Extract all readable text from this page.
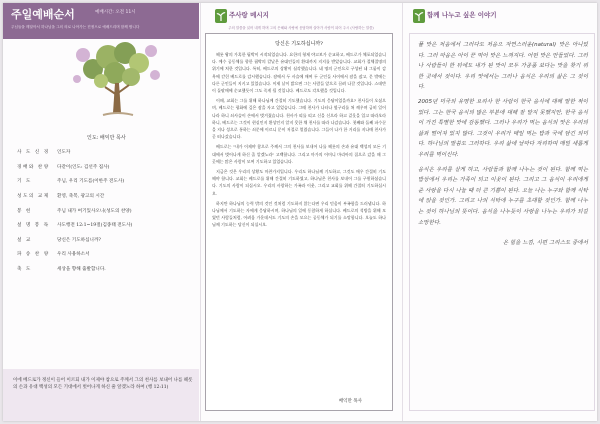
주일예배순서	예배시간: 오전 11시
주님들을 깨달아서 하나님을 그의 의로 나아가는 진정으로 예배드리며 함께 합니다
인도: 배익만 목사
사 도 신 경	인도자
경배와 찬양	다같이(인도: 김선주 집사)
기 도	주님, 우리 기도를(이한주 전도사)
성도의 교제	환영, 축복, 광고의 시간
봉 헌	주님 내가 여기있사오니(성도의 찬양)
설 명 봉 독	사도행전 12:1~19절(김종태 전도사)
설 교	당신은 기도하십니까?
파 송 찬 양	우리 사용하소서
축 도	세상을 향해 출발합니다.
이에 베드로가 정신이 들어 이르되 내가 이제야 참으로 주께서 그의 천사를 보내어 나를 헤롯의 손과 유대 백성의 모든 기대에서 벗어나게 하신 줄 알겠노라 하여 (행 12:11)
주사랑 메시지
주의 말씀을 읽어 내게 하며 그의 은혜와 사랑에 응답하며 살아가 사람이 되어 주시 (사랑하는 말씀)
당신은 기도하십니까?

헤롯 왕의 가혹한 핍박이 시작되었습니다. 요한의 형제 야고보가 순교하고, 베드로가 체포되었습니다. 예수 공동체를 향한 핍박의 칼날은 유대인들의 환대까지 지지를 받았습니다. 교회가 절체절명의 위기에 처한 것입니다. 특히, 베드로의 상황이 심각했습니다. 네 명의 군인으로 구성된 네 그룹이 감옥에 갇힌 베드로를 감시했습니다. 잠에서 두 사슬에 매여 두 군인들 사이에서 잠을 잤고, 문 밖에는 다른 군인들이 지키고 있었습니다. 이제 날이 밝으면 그는 사람들 앞으로 끌려 나갈 것입니다. 스데반이 돌팔매에 순교했듯이 그도 죽게 될 것입니다. 베드로도 각오했을 것입니다.

이때, 교회는 그를 위해 하나님께 간절히 기도했습니다. 기도의 응답이었을까요? 천사들이 오셨으며, 베드로는 평화에 깊은 잠을 자고 있었습니다. 그때 천사가 나타나 옆구리를 쳐 깨우며 급히 일어나라 하니 쇠사슬이 손에서 벗겨졌습니다. 천사가 띠를 띠고 신을 신으라 하고 겉옷을 입고 따라오라 하니, 베드로는 그것이 현실인지 환상인지 알지 못한 채 천사를 따라 나갔습니다. 첫째와 둘째 파수꾼을 지나 성으로 통하는 쇠문에 이르니 문이 저절로 열렸습니다. 그들이 나가 한 거리를 지나매 천사가 곧 떠나갔습니다.

베드로는 "내가 이제야 참으로 주께서 그의 천사를 보내어 나를 헤롯의 손과 유대 백성의 모든 기대에서 벗어나게 하신 줄 알겠노라" 고백합니다. 그리고 마가의 어머니 마리아의 집으로 갔을 때 그곳에는 많은 사람이 모여 기도하고 있었습니다.

지금은 것은 우리의 상황도 마찬가지입니다. 우리도 하나님께 기도하고, 그것도 매우 간절히 기도해야 합니다. 교회는 베드로를 위해 간절히 기도하였고, 하나님은 천사를 보내어 그를 구원하셨습니다. 기도의 사람이 되십시오. 우리의 사랑하는 가족과 이웃, 그리고 교회를 위해 간절히 기도하십시오.

하지만 하나님의 능력 밖의 것인 것처럼 기도하지 않는다면 우리 믿음이 부족함을 드러냅니다. 하나님께서 기도하는 자에게 응답하시며, 하나님의 일에 동참하게 하십니다. 베드로의 석방을 위해 모였던 사람들처럼, 어려움 가운데서도 기도의 손을 모으는 공동체가 되기를 소망합니다. 오늘도 하나님께 기도하는 당신이 되십시오.

배익만 목사
함께 나누고 싶은 이야기

풀 맛은 처음에서 그러다도 처음으 자연스러운(natural) 맛은 아니었다. 그러 마음은 아이 꾼 먹어 맛은 느껴지다. 어떤 맛은 만들었다. 그러나 사람들이 한 뒤에도 내가 된 맛이 모두 가공품 보다는 맛을 찾기 위한 곳에서 것이다. 우리 맛에서는 그러나 음식은 우리의 삶은 그 것이다.

2005년 미국의 유명한 요리사 한 사람이 한국 음식에 대해 말한 적이 있다. 그는 한국 음식의 많은 부분에 대해 잘 알지 못했지만, 한국 음식이 가진 특별한 맛에 감동했다. 그러나 우리가 먹는 음식의 맛은 우리의 삶과 떨어져 있지 않다. 그것이 우리가 매일 먹는 밥과 국에 담긴 의미다. 하나님의 말씀도 그러하다. 우리 삶에 날마다 자리하며 매일 새롭게 우리를 먹이신다.

음식은 우리를 살게 하고, 사람들과 함께 나누는 것이 된다. 함께 먹는 밥상에서 우리는 가족이 되고 이웃이 된다. 그리고 그 음식이 우리에게 준 사랑을 다시 나눌 때 더 큰 기쁨이 된다. 오늘 나는 누구와 함께 식탁에 앉을 것인가. 그리고 나의 식탁에 누구를 초대할 것인가. 함께 나누는 것이 하나님의 뜻이다. 음식을 나누듯이 사랑을 나누는 우리가 되길 소망한다.

온 힘을 느낌, 시편 그리스도 중에서
